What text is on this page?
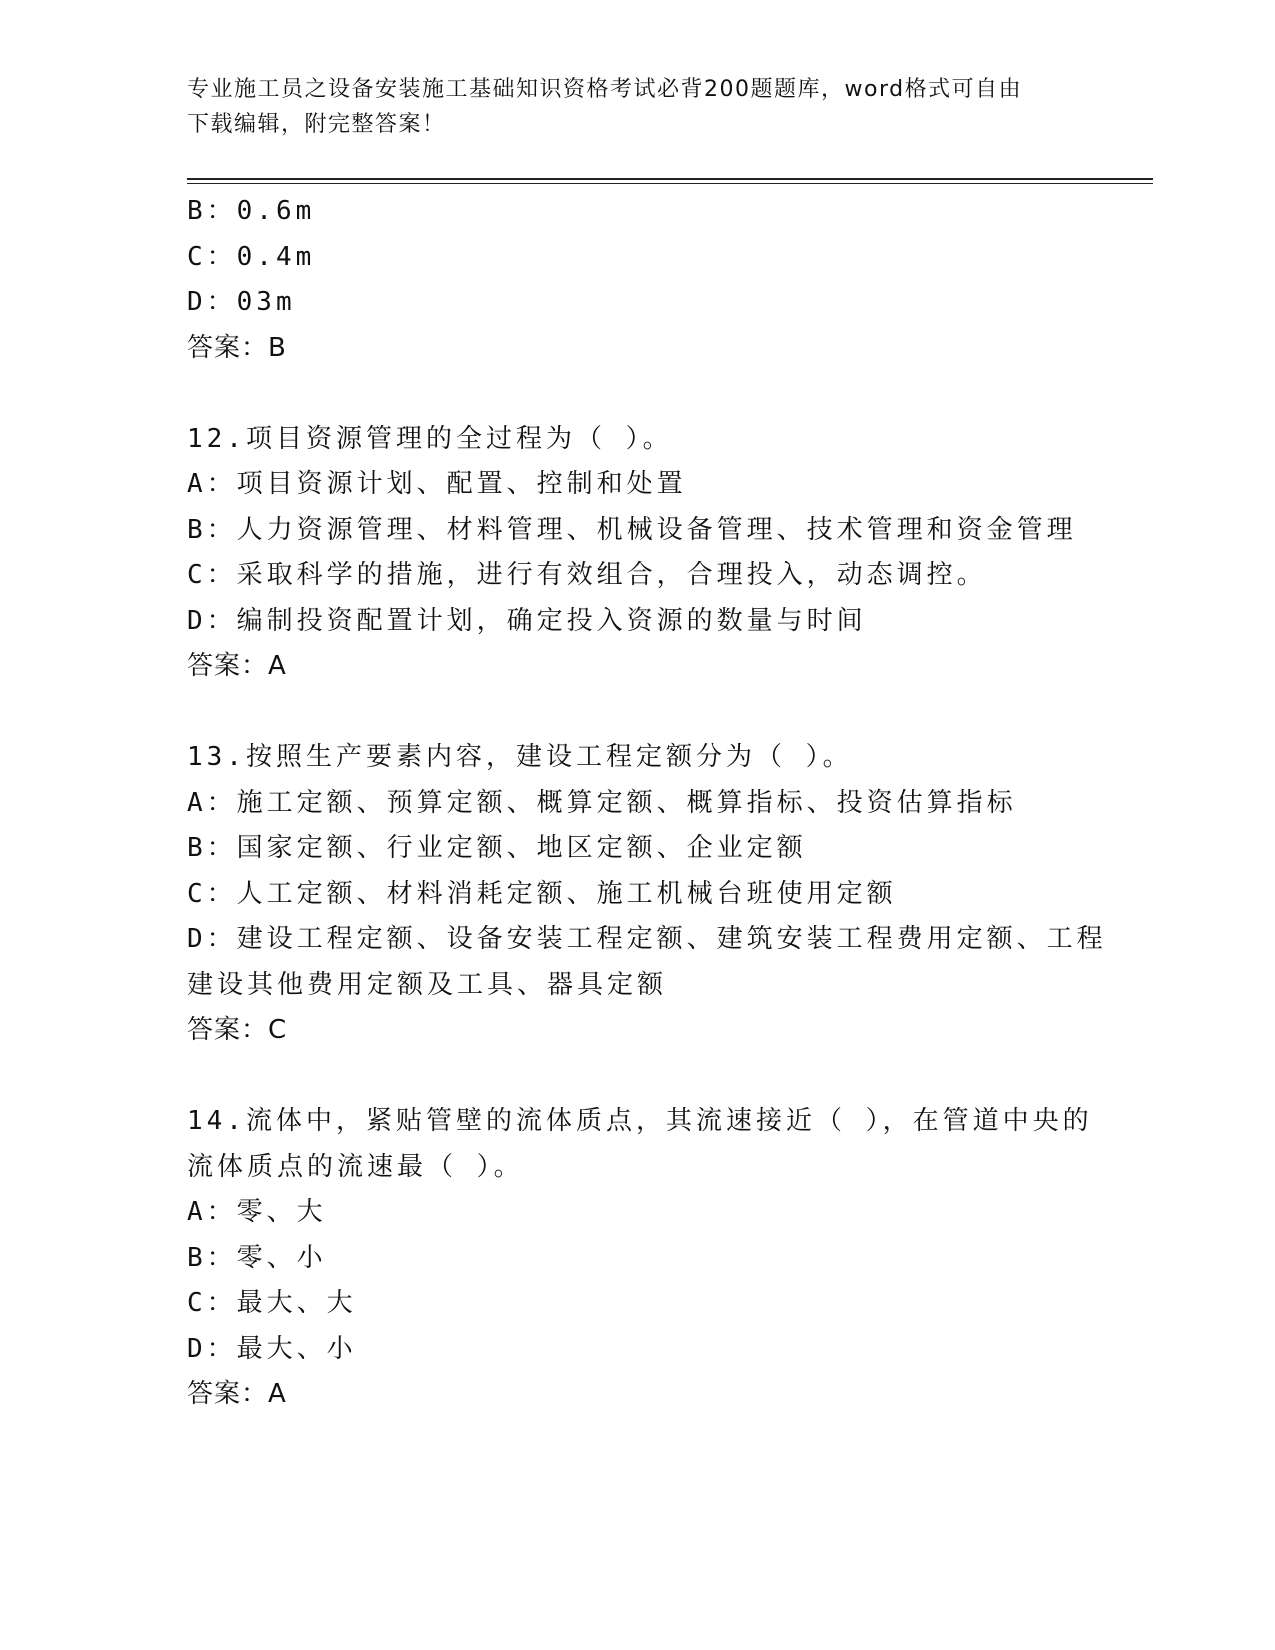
专业施工员之设备安装施工基础知识资格考试必背200题题库，word格式可自由
下载编辑，附完整答案！
B：0.6m
C：0.4m
D：03m
答案：B
12.项目资源管理的全过程为（ ）。
A：项目资源计划、配置、控制和处置
B：人力资源管理、材料管理、机械设备管理、技术管理和资金管理
C：采取科学的措施，进行有效组合，合理投入，动态调控。
D：编制投资配置计划，确定投入资源的数量与时间
答案：A
13.按照生产要素内容，建设工程定额分为（ ）。
A：施工定额、预算定额、概算定额、概算指标、投资估算指标
B：国家定额、行业定额、地区定额、企业定额
C：人工定额、材料消耗定额、施工机械台班使用定额
D：建设工程定额、设备安装工程定额、建筑安装工程费用定额、工程
建设其他费用定额及工具、器具定额
答案：C
14.流体中，紧贴管壁的流体质点，其流速接近（ ），在管道中央的
流体质点的流速最（ ）。
A：零、大
B：零、小
C：最大、大
D：最大、小
答案：A
